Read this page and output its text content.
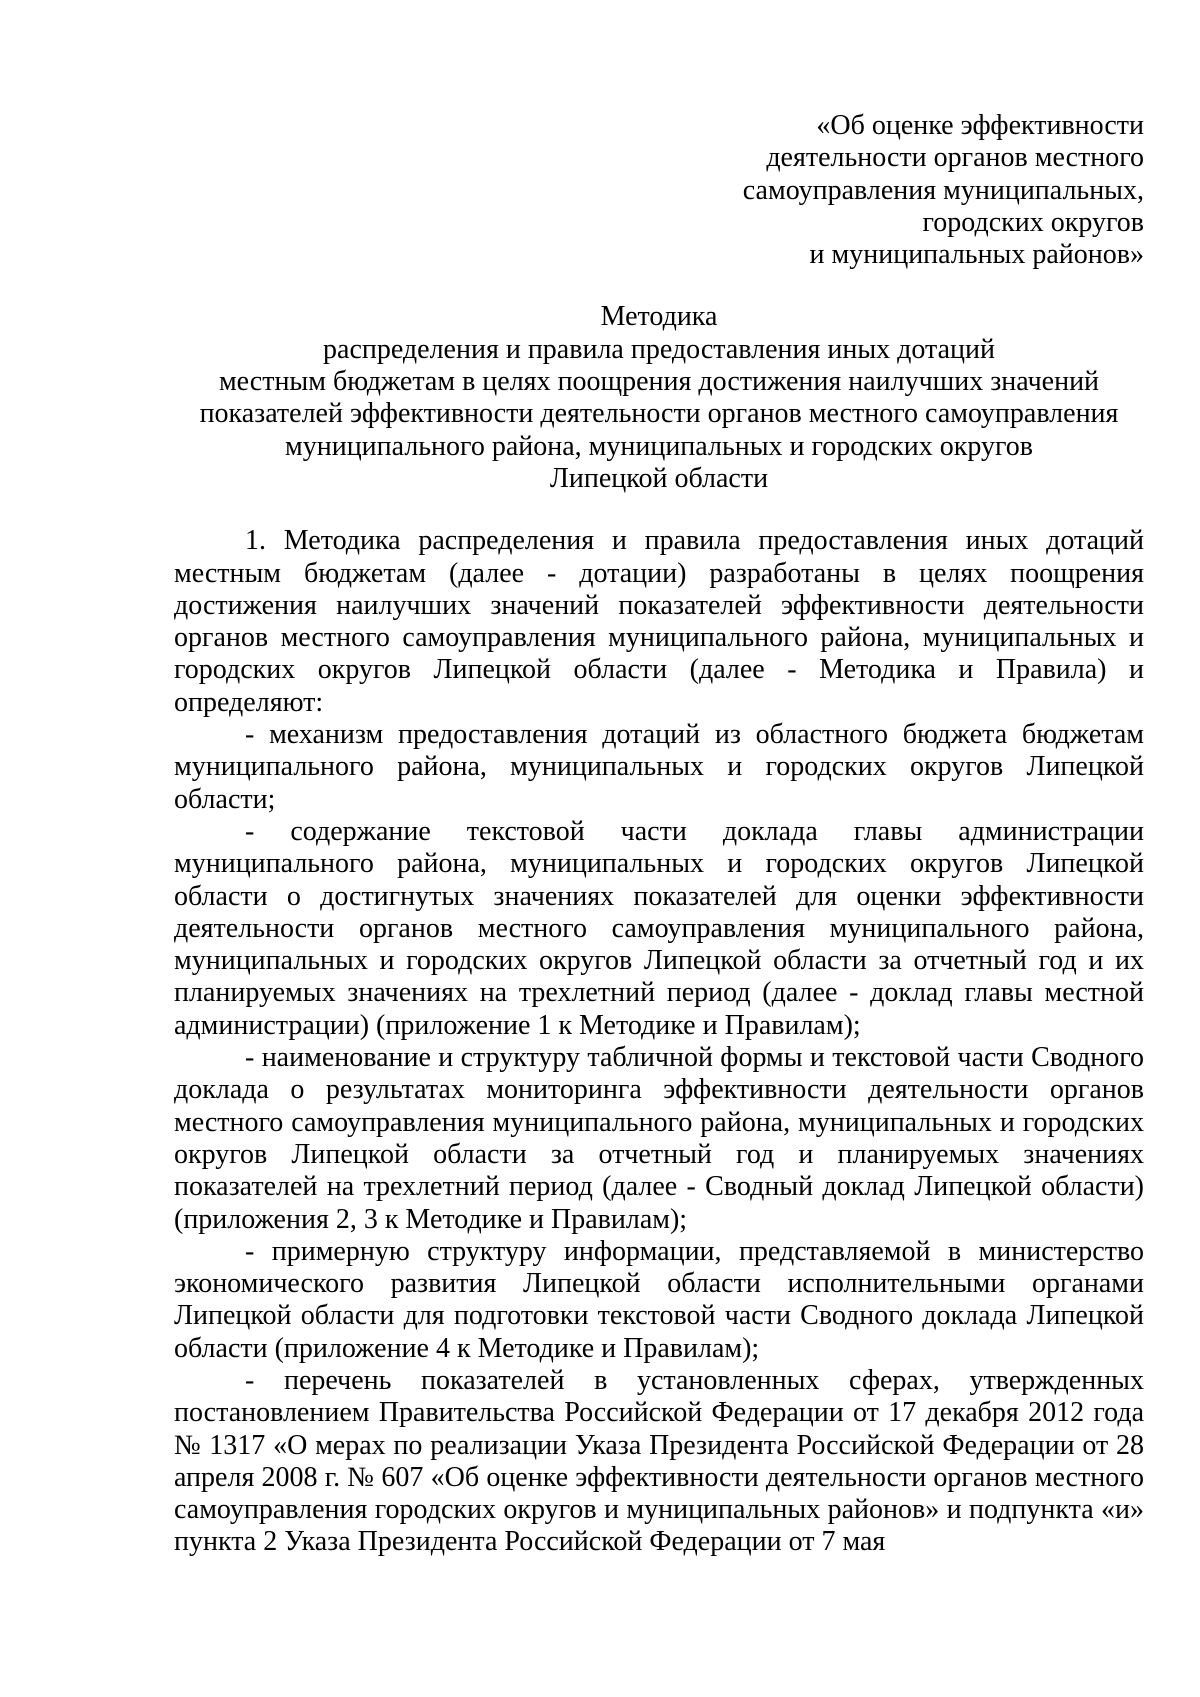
«Об оценке эффективности
деятельности органов местного
самоуправления муниципальных,
городских округов
и муниципальных районов»
Методика
распределения и правила предоставления иных дотаций
местным бюджетам в целях поощрения достижения наилучших значений
показателей эффективности деятельности органов местного самоуправления
муниципального района, муниципальных и городских округов
Липецкой области

1. Методика распределения и правила предоставления иных дотаций местным бюджетам (далее - дотации) разработаны в целях поощрения достижения наилучших значений показателей эффективности деятельности органов местного самоуправления муниципального района, муниципальных и городских округов Липецкой области (далее - Методика и Правила) и определяют:

- механизм предоставления дотаций из областного бюджета бюджетам муниципального района, муниципальных и городских округов Липецкой области;

- содержание текстовой части доклада главы администрации муниципального района, муниципальных и городских округов Липецкой области о достигнутых значениях показателей для оценки эффективности деятельности органов местного самоуправления муниципального района, муниципальных и городских округов Липецкой области за отчетный год и их планируемых значениях на трехлетний период (далее - доклад главы местной администрации) (приложение 1 к Методике и Правилам);

- наименование и структуру табличной формы и текстовой части Сводного доклада о результатах мониторинга эффективности деятельности органов местного самоуправления муниципального района, муниципальных и городских округов Липецкой области за отчетный год и планируемых значениях показателей на трехлетний период (далее - Сводный доклад Липецкой области) (приложения 2, 3 к Методике и Правилам);

- примерную структуру информации, представляемой в министерство экономического развития Липецкой области исполнительными органами Липецкой области для подготовки текстовой части Сводного доклада Липецкой области (приложение 4 к Методике и Правилам);

- перечень показателей в установленных сферах, утвержденных постановлением Правительства Российской Федерации от 17 декабря 2012 года № 1317 «О мерах по реализации Указа Президента Российской Федерации от 28 апреля 2008 г. № 607 «Об оценке эффективности деятельности органов местного самоуправления городских округов и муниципальных районов» и подпункта «и» пункта 2 Указа Президента Российской Федерации от 7 мая
